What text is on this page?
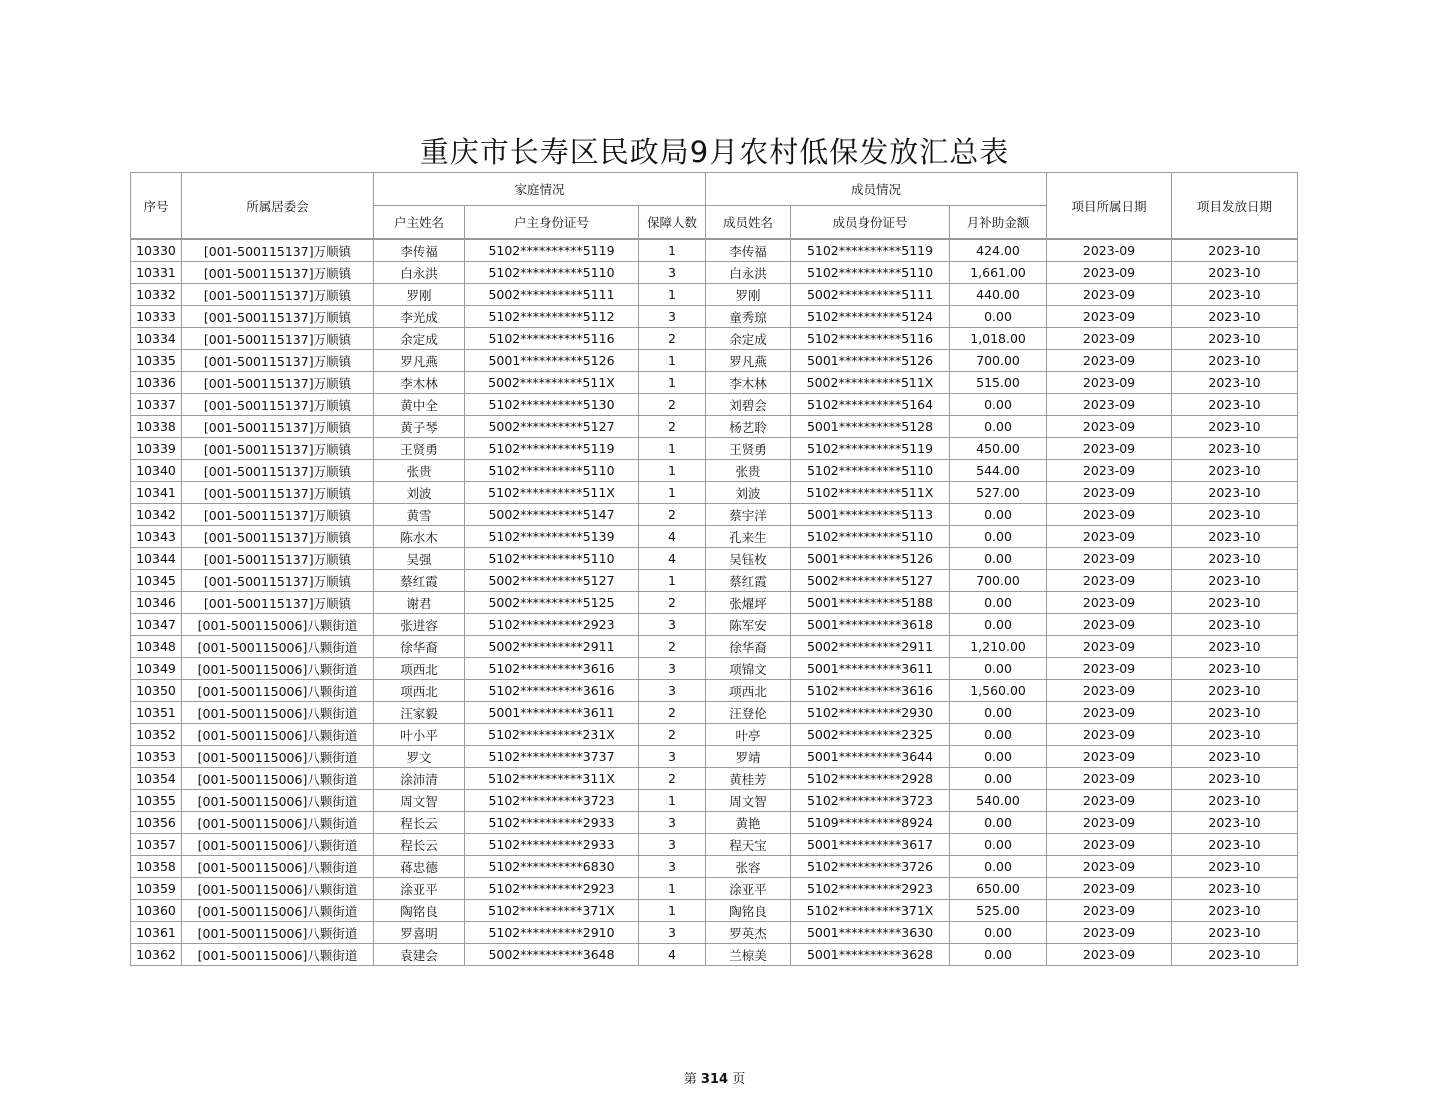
重庆市长寿区民政局9月农村低保发放汇总表
序号	所属居委会	家庭情况			成员情况			项目所属日期	项目发放日期
		户主姓名	户主身份证号	保障人数	成员姓名	成员身份证号	月补助金额		
10330	[001-500115137]万顺镇	李传福	5102**********5119	1	李传福	5102**********5119	424.00	2023-09	2023-10
10331	[001-500115137]万顺镇	白永洪	5102**********5110	3	白永洪	5102**********5110	1,661.00	2023-09	2023-10
10332	[001-500115137]万顺镇	罗刚	5002**********5111	1	罗刚	5002**********5111	440.00	2023-09	2023-10
10333	[001-500115137]万顺镇	李光成	5102**********5112	3	童秀琼	5102**********5124	0.00	2023-09	2023-10
10334	[001-500115137]万顺镇	余定成	5102**********5116	2	余定成	5102**********5116	1,018.00	2023-09	2023-10
10335	[001-500115137]万顺镇	罗凡燕	5001**********5126	1	罗凡燕	5001**********5126	700.00	2023-09	2023-10
10336	[001-500115137]万顺镇	李木林	5002**********511X	1	李木林	5002**********511X	515.00	2023-09	2023-10
10337	[001-500115137]万顺镇	黄中全	5102**********5130	2	刘碧会	5102**********5164	0.00	2023-09	2023-10
10338	[001-500115137]万顺镇	黄子琴	5002**********5127	2	杨艺聆	5001**********5128	0.00	2023-09	2023-10
10339	[001-500115137]万顺镇	王贤勇	5102**********5119	1	王贤勇	5102**********5119	450.00	2023-09	2023-10
10340	[001-500115137]万顺镇	张贵	5102**********5110	1	张贵	5102**********5110	544.00	2023-09	2023-10
10341	[001-500115137]万顺镇	刘波	5102**********511X	1	刘波	5102**********511X	527.00	2023-09	2023-10
10342	[001-500115137]万顺镇	黄雪	5002**********5147	2	蔡宇洋	5001**********5113	0.00	2023-09	2023-10
10343	[001-500115137]万顺镇	陈水木	5102**********5139	4	孔来生	5102**********5110	0.00	2023-09	2023-10
10344	[001-500115137]万顺镇	吴强	5102**********5110	4	吴钰枚	5001**********5126	0.00	2023-09	2023-10
10345	[001-500115137]万顺镇	蔡红霞	5002**********5127	1	蔡红霞	5002**********5127	700.00	2023-09	2023-10
10346	[001-500115137]万顺镇	谢君	5002**********5125	2	张燿坪	5001**********5188	0.00	2023-09	2023-10
10347	[001-500115006]八颗街道	张进容	5102**********2923	3	陈军安	5001**********3618	0.00	2023-09	2023-10
10348	[001-500115006]八颗街道	徐华裔	5002**********2911	2	徐华裔	5002**********2911	1,210.00	2023-09	2023-10
10349	[001-500115006]八颗街道	项西北	5102**********3616	3	项锦文	5001**********3611	0.00	2023-09	2023-10
10350	[001-500115006]八颗街道	项西北	5102**********3616	3	项西北	5102**********3616	1,560.00	2023-09	2023-10
10351	[001-500115006]八颗街道	汪家毅	5001**********3611	2	汪登伦	5102**********2930	0.00	2023-09	2023-10
10352	[001-500115006]八颗街道	叶小平	5102**********231X	2	叶亭	5002**********2325	0.00	2023-09	2023-10
10353	[001-500115006]八颗街道	罗文	5102**********3737	3	罗靖	5001**********3644	0.00	2023-09	2023-10
10354	[001-500115006]八颗街道	涂沛清	5102**********311X	2	黄桂芳	5102**********2928	0.00	2023-09	2023-10
10355	[001-500115006]八颗街道	周文智	5102**********3723	1	周文智	5102**********3723	540.00	2023-09	2023-10
10356	[001-500115006]八颗街道	程长云	5102**********2933	3	黄艳	5109**********8924	0.00	2023-09	2023-10
10357	[001-500115006]八颗街道	程长云	5102**********2933	3	程天宝	5001**********3617	0.00	2023-09	2023-10
10358	[001-500115006]八颗街道	蒋忠德	5102**********6830	3	张容	5102**********3726	0.00	2023-09	2023-10
10359	[001-500115006]八颗街道	涂亚平	5102**********2923	1	涂亚平	5102**********2923	650.00	2023-09	2023-10
10360	[001-500115006]八颗街道	陶铭良	5102**********371X	1	陶铭良	5102**********371X	525.00	2023-09	2023-10
10361	[001-500115006]八颗街道	罗喜明	5102**********2910	3	罗英杰	5001**********3630	0.00	2023-09	2023-10
10362	[001-500115006]八颗街道	袁建会	5002**********3648	4	兰椋美	5001**********3628	0.00	2023-09	2023-10
第 314 页
